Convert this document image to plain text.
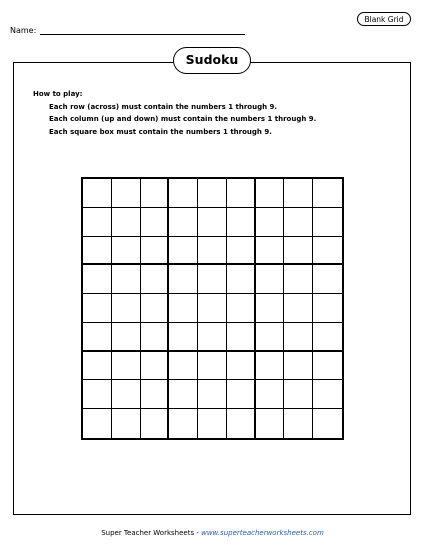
Name:
Blank Grid
Sudoku
How to play:
Each row (across) must contain the numbers 1 through 9.
Each column (up and down) must contain the numbers 1 through 9.
Each square box must contain the numbers 1 through 9.
Super Teacher Worksheets - www.superteacherworksheets.com
